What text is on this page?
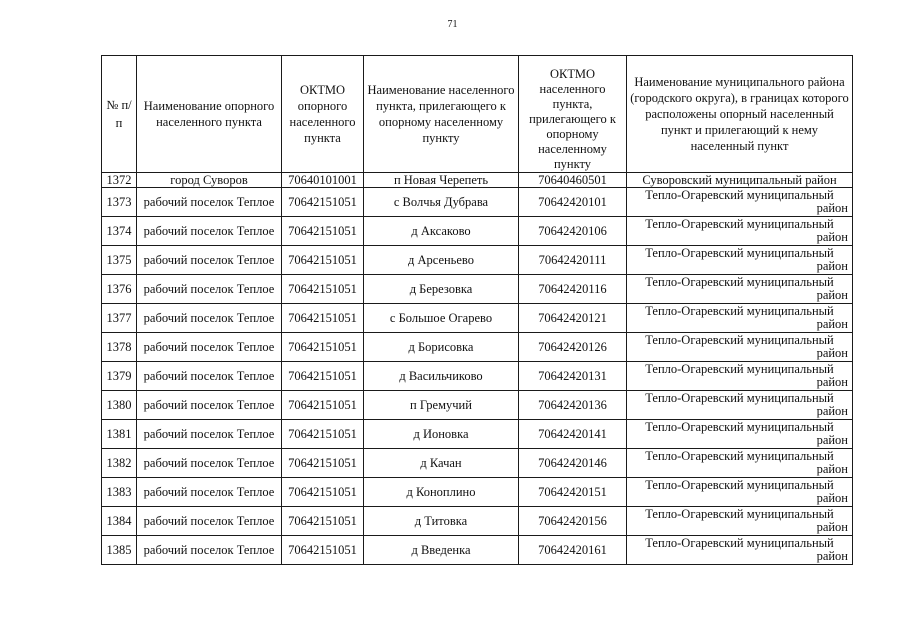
71
№ п/п	Наименование опорного населенного пункта	ОКТМО опорного населенного пункта	Наименование населенного пункта, прилегающего к опорному населенному пункту	ОКТМО населенного пункта, прилегающего к опорному населенному пункту	Наименование муниципального района (городского округа), в границах которого расположены опорный населенный пункт и прилегающий к нему населенный пункт
1372	город Суворов	70640101001	п Новая Черепеть	70640460501	Суворовский муниципальный район
1373	рабочий поселок Теплое	70642151051	с Волчья Дубрава	70642420101	Тепло-Огаревский муниципальный
район

1374	рабочий поселок Теплое	70642151051	д Аксаково	70642420106	Тепло-Огаревский муниципальный
район

1375	рабочий поселок Теплое	70642151051	д Арсеньево	70642420111	Тепло-Огаревский муниципальный
район

1376	рабочий поселок Теплое	70642151051	д Березовка	70642420116	Тепло-Огаревский муниципальный
район

1377	рабочий поселок Теплое	70642151051	с Большое Огарево	70642420121	Тепло-Огаревский муниципальный
район

1378	рабочий поселок Теплое	70642151051	д Борисовка	70642420126	Тепло-Огаревский муниципальный
район

1379	рабочий поселок Теплое	70642151051	д Васильчиково	70642420131	Тепло-Огаревский муниципальный
район

1380	рабочий поселок Теплое	70642151051	п Гремучий	70642420136	Тепло-Огаревский муниципальный
район

1381	рабочий поселок Теплое	70642151051	д Ионовка	70642420141	Тепло-Огаревский муниципальный
район

1382	рабочий поселок Теплое	70642151051	д Качан	70642420146	Тепло-Огаревский муниципальный
район

1383	рабочий поселок Теплое	70642151051	д Коноплино	70642420151	Тепло-Огаревский муниципальный
район

1384	рабочий поселок Теплое	70642151051	д Титовка	70642420156	Тепло-Огаревский муниципальный
район

1385	рабочий поселок Теплое	70642151051	д Введенка	70642420161	Тепло-Огаревский муниципальный
район
